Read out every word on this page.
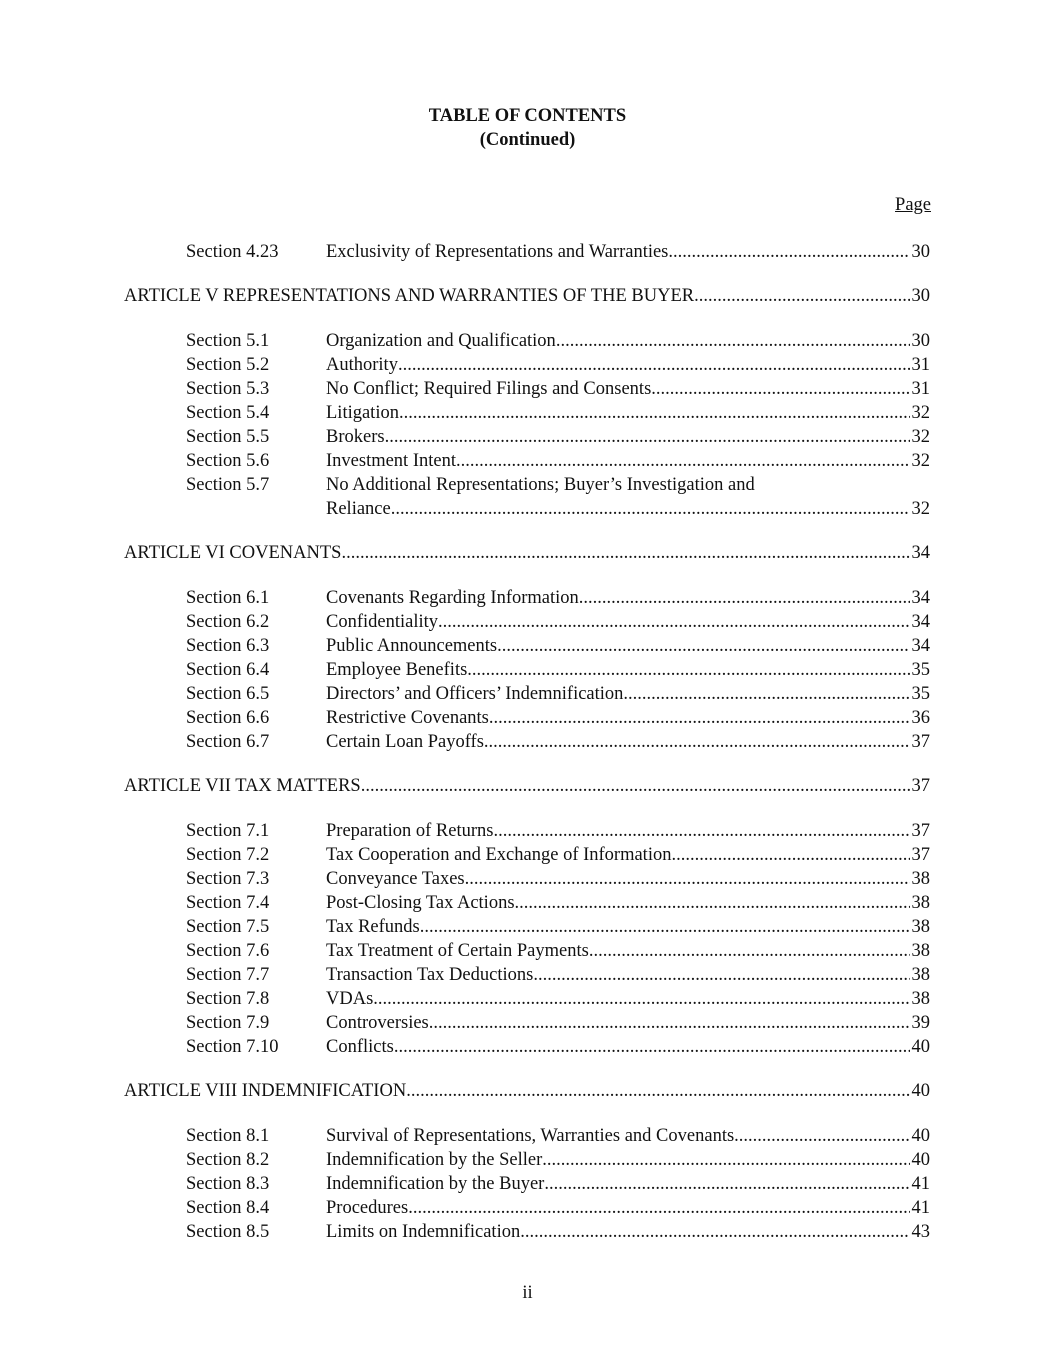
TABLE OF CONTENTS
(Continued)
Page
Section 4.23	Exclusivity of Representations and Warranties .....	30
ARTICLE V REPRESENTATIONS AND WARRANTIES OF THE BUYER .....	30
Section 5.1	Organization and Qualification .....	30
Section 5.2	Authority .....	31
Section 5.3	No Conflict; Required Filings and Consents .....	31
Section 5.4	Litigation .....	32
Section 5.5	Brokers .....	32
Section 5.6	Investment Intent .....	32
Section 5.7	No Additional Representations; Buyer’s Investigation and
Reliance .....	32
ARTICLE VI COVENANTS .....	34
Section 6.1	Covenants Regarding Information .....	34
Section 6.2	Confidentiality .....	34
Section 6.3	Public Announcements .....	34
Section 6.4	Employee Benefits .....	35
Section 6.5	Directors’ and Officers’ Indemnification .....	35
Section 6.6	Restrictive Covenants .....	36
Section 6.7	Certain Loan Payoffs .....	37
ARTICLE VII TAX MATTERS .....	37
Section 7.1	Preparation of Returns .....	37
Section 7.2	Tax Cooperation and Exchange of Information .....	37
Section 7.3	Conveyance Taxes .....	38
Section 7.4	Post-Closing Tax Actions .....	38
Section 7.5	Tax Refunds .....	38
Section 7.6	Tax Treatment of Certain Payments .....	38
Section 7.7	Transaction Tax Deductions .....	38
Section 7.8	VDAs .....	38
Section 7.9	Controversies .....	39
Section 7.10	Conflicts .....	40
ARTICLE VIII INDEMNIFICATION .....	40
Section 8.1	Survival of Representations, Warranties and Covenants .....	40
Section 8.2	Indemnification by the Seller .....	40
Section 8.3	Indemnification by the Buyer .....	41
Section 8.4	Procedures .....	41
Section 8.5	Limits on Indemnification .....	43
ii
